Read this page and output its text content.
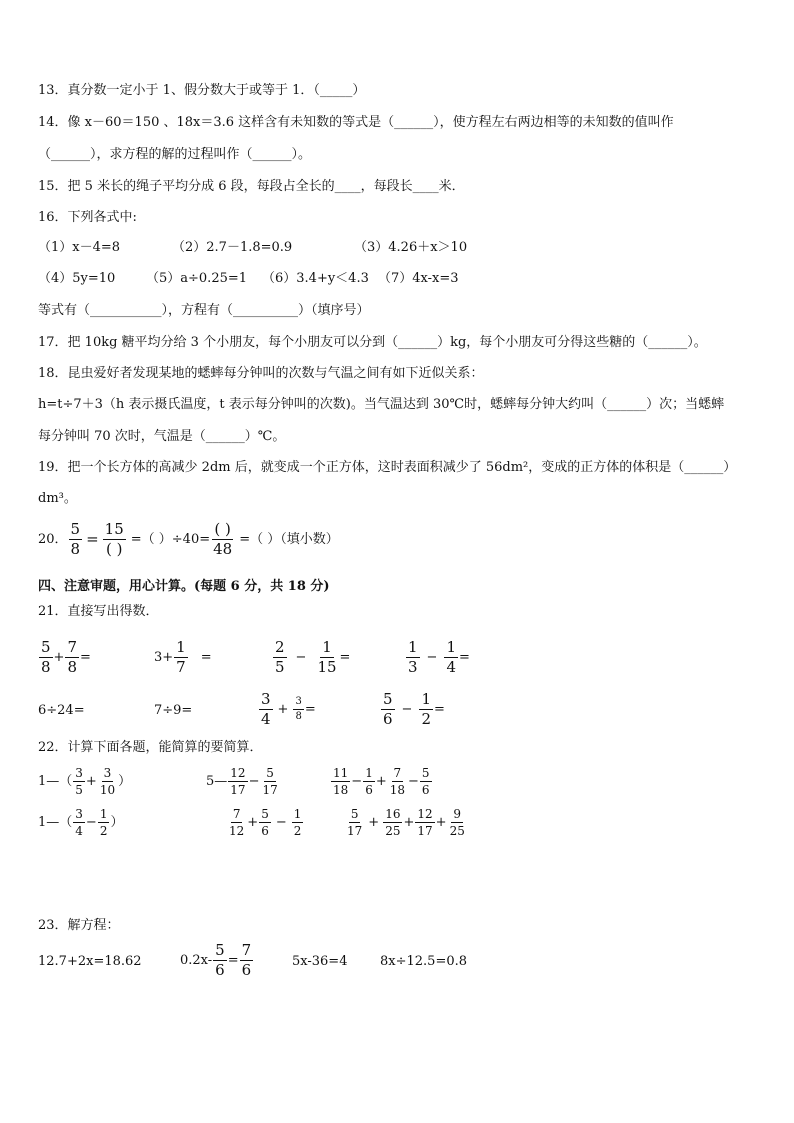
13．真分数一定小于 1、假分数大于或等于 1．（_____）
14．像 x－60＝150 、18x＝3.6 这样含有未知数的等式是（______），使方程左右两边相等的未知数的值叫作
（______），求方程的解的过程叫作（______）。
15．把 5 米长的绳子平均分成 6 段，每段占全长的____，每段长____米．
16．下列各式中:
（1）x－4=8	（2）2.7－1.8=0.9	（3）4.26＋x＞10
（4）5y=10 （5）a÷0.25=1 （6）3.4+y＜4.3 （7）4x-x=3
等式有（___________），方程有（__________）（填序号）
17．把 10kg 糖平均分给 3 个小朋友，每个小朋友可以分到（______）kg，每个小朋友可分得这些糖的（______）。
18．昆虫爱好者发现某地的蟋蟀每分钟叫的次数与气温之间有如下近似关系：
h=t÷7＋3（h 表示摄氏温度，t 表示每分钟叫的次数)。当气温达到 30℃时，蟋蟀每分钟大约叫（______）次；当蟋蟀
每分钟叫 70 次时，气温是（______）℃。
19．把一个长方体的高减少 2dm 后，就变成一个正方体，这时表面积减少了 56dm²，变成的正方体的体积是（______）
dm³。
20． $\frac{5}{8} = \frac{15}{( )}$ =（ ）$\div 40= \frac{( )}{48}$ =（ ）（填小数）
四、注意审题，用心计算。(每题 6 分，共 18 分)
21．直接写出得数．
$\frac{5}{8} + \frac{7}{8}$ =	$3+ \frac{1}{7}$ =	$\frac{2}{5} - \frac{1}{15}$ =	$\frac{1}{3} - \frac{1}{4}$ =
6÷24=	7÷9=	$\frac{3}{4} + \frac{3}{8}$ =	$\frac{5}{6} - \frac{1}{2}$ =
22．计算下面各题，能简算的要简算．
1—（ $\frac{3}{5} + \frac{3}{10}$ ）	5— $\frac{12}{17} - \frac{5}{17}$	$\frac{11}{18} - \frac{1}{6} + \frac{7}{18} - \frac{5}{6}$
1—（ $\frac{3}{4} - \frac{1}{2}$ ）	$\frac{7}{12} + \frac{5}{6} - \frac{1}{2}$	$\frac{5}{17} + \frac{16}{25} + \frac{12}{17} + \frac{9}{25}$
23．解方程：
12.7+2x=18.62	$0.2x- \frac{5}{6} = \frac{7}{6}$	5x-36=4	8x÷12.5=0.8
